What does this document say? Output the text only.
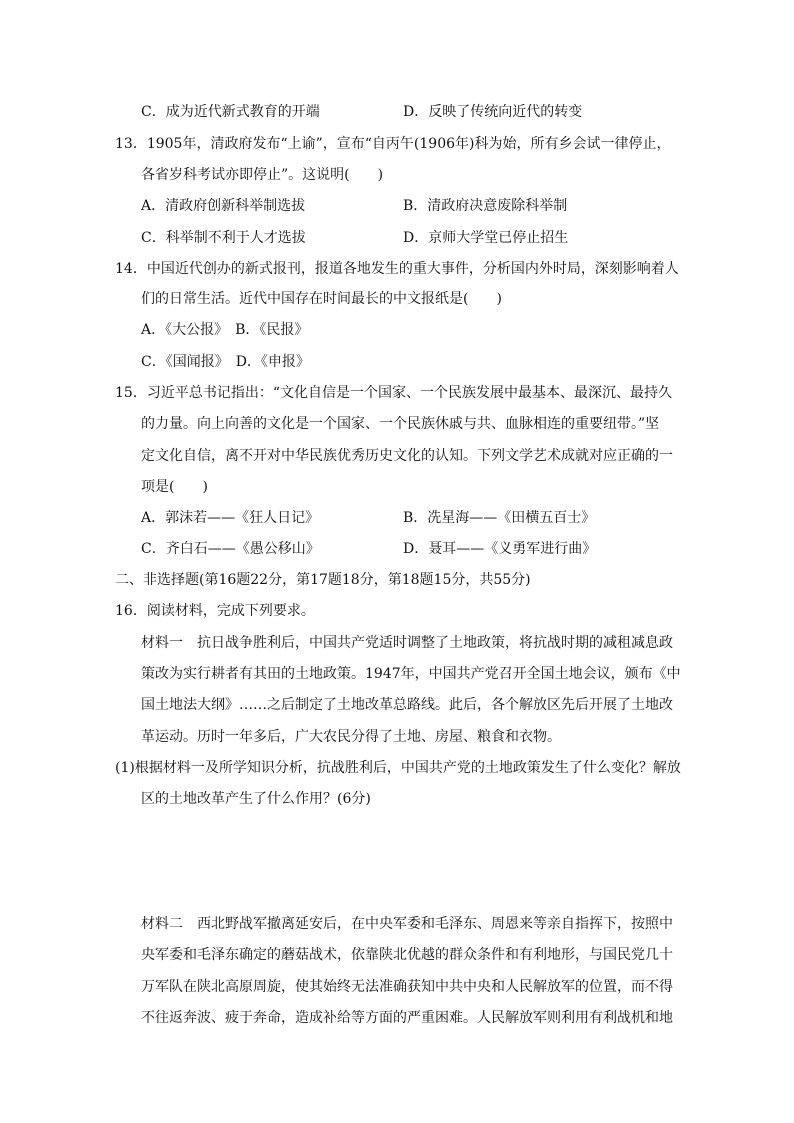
C．成为近代新式教育的开端	D．反映了传统向近代的转变
13．1905年，清政府发布“上谕”，宣布“自丙午(1906年)科为始，所有乡会试一律停止，
各省岁科考试亦即停止”。这说明(　　)
A．清政府创新科举制选拔	B．清政府决意废除科举制
C．科举制不利于人才选拔	D．京师大学堂已停止招生
14．中国近代创办的新式报刊，报道各地发生的重大事件，分析国内外时局，深刻影响着人
们的日常生活。近代中国存在时间最长的中文报纸是(　　)
A．《大公报》　B．《民报》
C．《国闻报》　D．《申报》
15．习近平总书记指出：“文化自信是一个国家、一个民族发展中最基本、最深沉、最持久
的力量。向上向善的文化是一个国家、一个民族休戚与共、血脉相连的重要纽带。”坚
定文化自信，离不开对中华民族优秀历史文化的认知。下列文学艺术成就对应正确的一
项是(　　)
A．郭沫若——《狂人日记》	B．冼星海——《田横五百士》
C．齐白石——《愚公移山》	D．聂耳——《义勇军进行曲》
二、非选择题(第16题22分，第17题18分，第18题15分，共55分)
16．阅读材料，完成下列要求。
材料一　抗日战争胜利后，中国共产党适时调整了土地政策，将抗战时期的减租减息政
策改为实行耕者有其田的土地政策。1947年，中国共产党召开全国土地会议，颁布《中
国土地法大纲》……之后制定了土地改革总路线。此后，各个解放区先后开展了土地改
革运动。历时一年多后，广大农民分得了土地、房屋、粮食和衣物。
(1)根据材料一及所学知识分析，抗战胜利后，中国共产党的土地政策发生了什么变化？解放
区的土地改革产生了什么作用？(6分)
材料二　西北野战军撤离延安后，在中央军委和毛泽东、周恩来等亲自指挥下，按照中
央军委和毛泽东确定的蘑菇战术，依靠陕北优越的群众条件和有利地形，与国民党几十
万军队在陕北高原周旋，使其始终无法准确获知中共中央和人民解放军的位置，而不得
不往返奔波、疲于奔命，造成补给等方面的严重困难。人民解放军则利用有利战机和地
